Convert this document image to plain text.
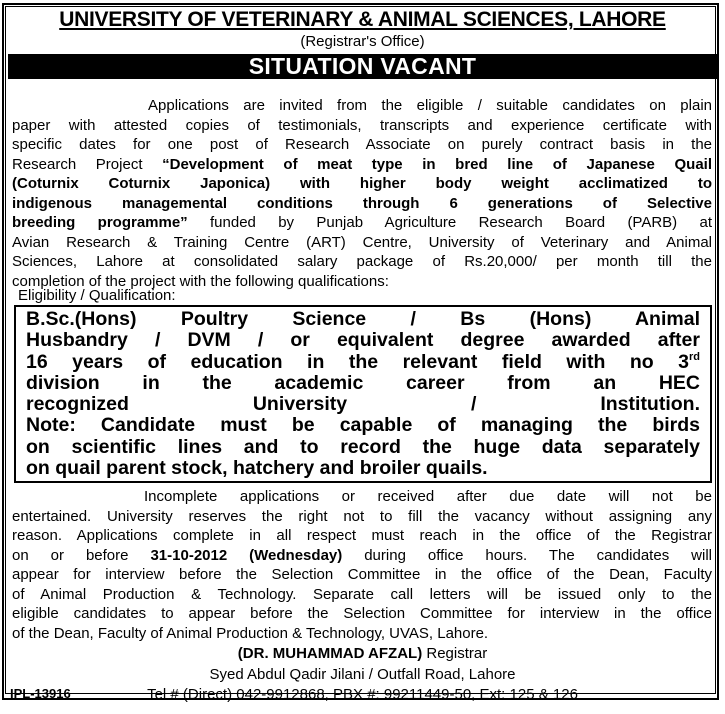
UNIVERSITY OF VETERINARY & ANIMAL SCIENCES, LAHORE
(Registrar's Office)
SITUATION VACANT
Applications are invited from the eligible / suitable candidates on plain
paper with attested copies of testimonials, transcripts and experience certificate with
specific dates for one post of Research Associate on purely contract basis in the
Research Project “Development of meat type in bred line of Japanese Quail
(Coturnix Coturnix Japonica) with higher body weight acclimatized to
indigenous managemental conditions through 6 generations of Selective
breeding programme” funded by Punjab Agriculture Research Board (PARB) at
Avian Research & Training Centre (ART) Centre, University of Veterinary and Animal
Sciences, Lahore at consolidated salary package of Rs.20,000/ per month till the
completion of the project with the following qualifications:
Eligibility / Qualification:
B.Sc.(Hons) Poultry Science / Bs (Hons) Animal
Husbandry / DVM / or equivalent degree awarded after
16 years of education in the relevant field with no 3rd
division in the academic career from an HEC
recognized University / Institution.
Note: Candidate must be capable of managing the birds
on scientific lines and to record the huge data separately
on quail parent stock, hatchery and broiler quails.
Incomplete applications or received after due date will not be
entertained. University reserves the right not to fill the vacancy without assigning any
reason. Applications complete in all respect must reach in the office of the Registrar
on or before 31-10-2012 (Wednesday) during office hours. The candidates will
appear for interview before the Selection Committee in the office of the Dean, Faculty
of Animal Production & Technology. Separate call letters will be issued only to the
eligible candidates to appear before the Selection Committee for interview in the office
of the Dean, Faculty of Animal Production & Technology, UVAS, Lahore.
(DR. MUHAMMAD AFZAL) Registrar
Syed Abdul Qadir Jilani / Outfall Road, Lahore
Tel # (Direct) 042-9912868, PBX #: 99211449-50, Ext: 125 & 126
IPL-13916
